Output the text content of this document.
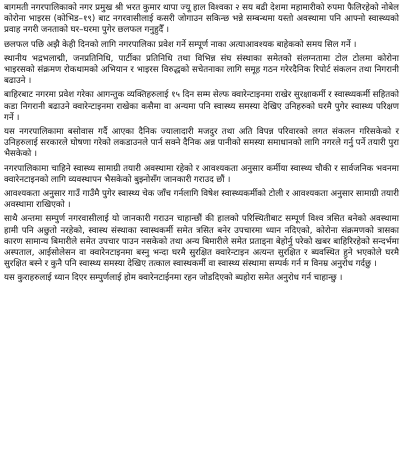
बागमती नगरपालिकाको नगर प्रमुख श्री भरत कुमार थापा ज्यू हाल विश्वका २ सय बढी देशमा महामारीको रुपमा फैलिरहेको नोबेल कोरोना भाइरस (कोभिड–१९) बाट नगरवासीलाई कसरी जोगाउन सकिन्छ भन्ने सम्बन्धमा यस्तो अवस्थामा पनि आफ्नो स्वास्थ्यको प्रवाह नगरी जनताको घर–घरमा पुगेर छलफल गनुहुदैँ ।

छलफल पछि अझै केही दिनको लागि नगरपालिका प्रवेश गर्ने सम्पूर्ण नाका अत्याआवश्यक बाहेकको समय सिल गर्ने ।

स्थानीय भद्रभलाद्मी, जनप्रतिनिधि, पार्टीका प्रतिनिधि तथा विभिन्न संघ संस्थाका समेतको संलग्नतामा टोल टोलमा कोरोना भाइरसको संक्रमण रोकथामको अभियान र भाइरस विरुद्धको सचेतनाका लागि समूह गठन गरेरदैनिक रिपोर्ट संकलन तथा निगरानी बढाउने ।

बाहिरबाट नगरमा प्रवेश गरेका आगन्तुक व्यक्तिहरुलाई १५ दिन सम्म सेल्फ क्वारेन्टाइनमा राखेर सुरक्षाकर्मी र स्वास्थ्यकर्मी सहितको कडा निगरानी बढाउने क्वारेन्टाइनमा राखेका कसैमा वा अन्यमा पनि स्वास्थ्य समस्या देखिए उनिहरुको घरमै पुगेर स्वास्थ्य परिक्षण गर्ने ।

यस नगरपालिकामा बसोवास गर्दै आएका दैनिक ज्यालादारी मजदुर तथा अति विपन्न परिवारको लगत संकलन गरिसकेको र उनिहरुलाई सरकारले घोषणा गरेको लकडाउनले पार्न सक्ने दैनिक अन्न पानीको समस्या समाधानको लागि नगरले गर्नु पर्ने तयारी पुरा भैसकेको ।

नगरपालिकामा चाहिने स्वास्थ्य सामाग्री तयारी अवस्थामा रहेको र आवश्यकता अनुसार कर्मीया स्वास्थ्य चौकी र सार्वजनिक भवनमा क्वारेनटाइनको लागि व्यवस्थापन भैसकेको बुझ्नोसँग जानकारी गराउद छौं ।

आवश्यकता अनुसार गाउँ गाउँमै पुगेर स्वास्थ्य चेक जाँच गर्नलागि विषेश स्वास्थ्यकर्मीको टोली र आवश्यकता अनुसार सामाग्री तयारी अवस्थामा राखिएको ।

साथै अन्तमा सम्पुर्ण नगरवासीलाई यो जानकारी गराउन चाहान्छौं की हालको परिस्थितीबाट सम्पूर्ण विश्व त्रसित बनेको अवस्थामा हामी पनि अछुतो नरहेको, स्वास्थ संस्थाका स्वास्थकर्मी समेत त्रसित बनेर उपचारमा ध्यान नदिएको, कोरोना संक्रमणको त्रासका कारण सामान्य बिमारीले समेत उपचार पाउन नसकेको तथा अन्य बिमारीले समेत प्रताड्ना बेहोर्नु परेको खबर बाहिरिरहेको सन्दर्भमा अस्पताल, आईसोलेसन वा क्वारेनटाइनमा बस्नु भन्दा घरमै सुरक्षित क्वारेन्टाइन अत्यन्त सुरक्षित र ब्यवस्थित हुने भएकोले घरमै सुरक्षित बस्ने र कुनै पनि स्वास्थ्य समस्या देखिए तत्काल स्वास्थकर्मी वा स्वास्थ्य संस्थामा सम्पर्क गर्न म विनम्र अनुरोध गर्दछु ।

यस कुराहरुलाई ध्यान दिएर सम्पुर्णलाई होम क्वारेनटाईनमा रहन जोडदिएको ब्यहोरा समेत अनुरोध गर्न चाहान्छु ।
